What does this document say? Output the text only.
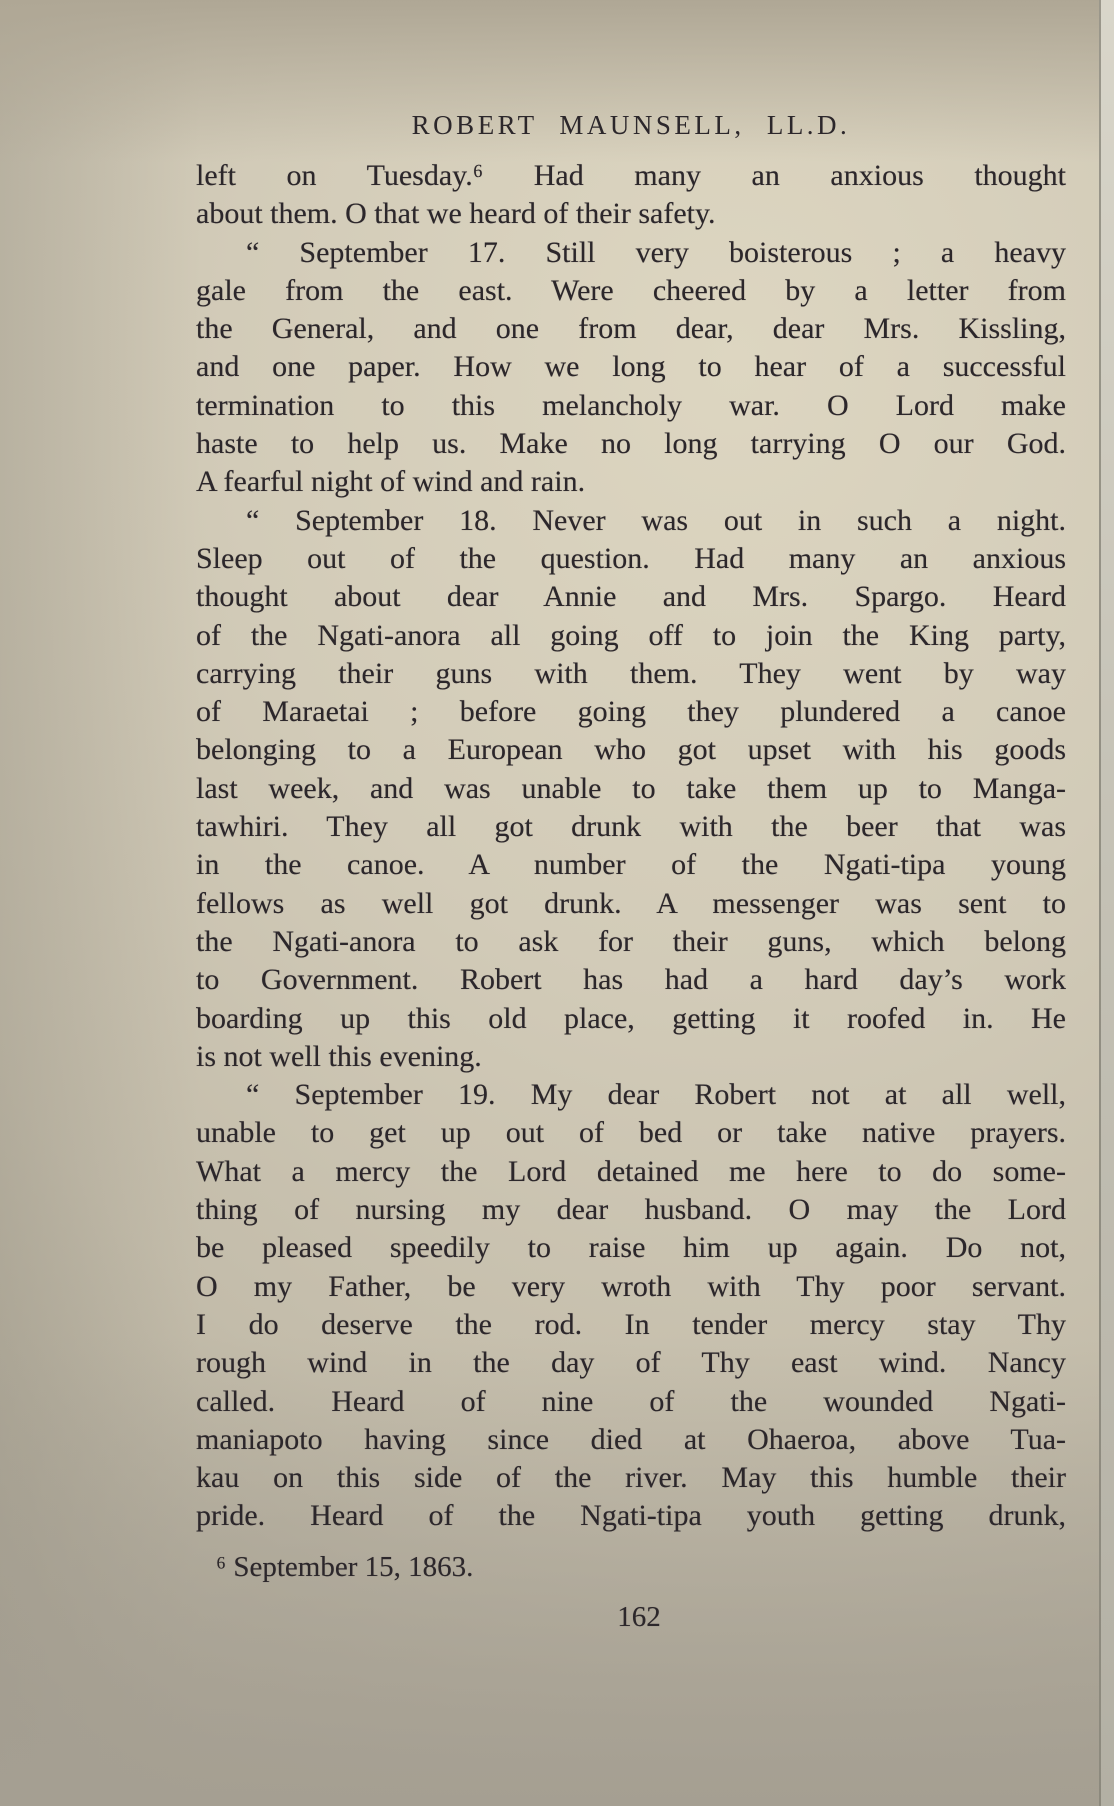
ROBERT MAUNSELL, LL.D.
left on Tuesday.⁶ Had many an anxious thought
about them. O that we heard of their safety.
“ September 17. Still very boisterous ; a heavy
gale from the east. Were cheered by a letter from
the General, and one from dear, dear Mrs. Kissling,
and one paper. How we long to hear of a successful
termination to this melancholy war. O Lord make
haste to help us. Make no long tarrying O our God.
A fearful night of wind and rain.
“ September 18. Never was out in such a night.
Sleep out of the question. Had many an anxious
thought about dear Annie and Mrs. Spargo. Heard
of the Ngati-anora all going off to join the King party,
carrying their guns with them. They went by way
of Maraetai ; before going they plundered a canoe
belonging to a European who got upset with his goods
last week, and was unable to take them up to Manga-
tawhiri. They all got drunk with the beer that was
in the canoe. A number of the Ngati-tipa young
fellows as well got drunk. A messenger was sent to
the Ngati-anora to ask for their guns, which belong
to Government. Robert has had a hard day’s work
boarding up this old place, getting it roofed in. He
is not well this evening.
“ September 19. My dear Robert not at all well,
unable to get up out of bed or take native prayers.
What a mercy the Lord detained me here to do some-
thing of nursing my dear husband. O may the Lord
be pleased speedily to raise him up again. Do not,
O my Father, be very wroth with Thy poor servant.
I do deserve the rod. In tender mercy stay Thy
rough wind in the day of Thy east wind. Nancy
called. Heard of nine of the wounded Ngati-
maniapoto having since died at Ohaeroa, above Tua-
kau on this side of the river. May this humble their
pride. Heard of the Ngati-tipa youth getting drunk,
⁶ September 15, 1863.
162
